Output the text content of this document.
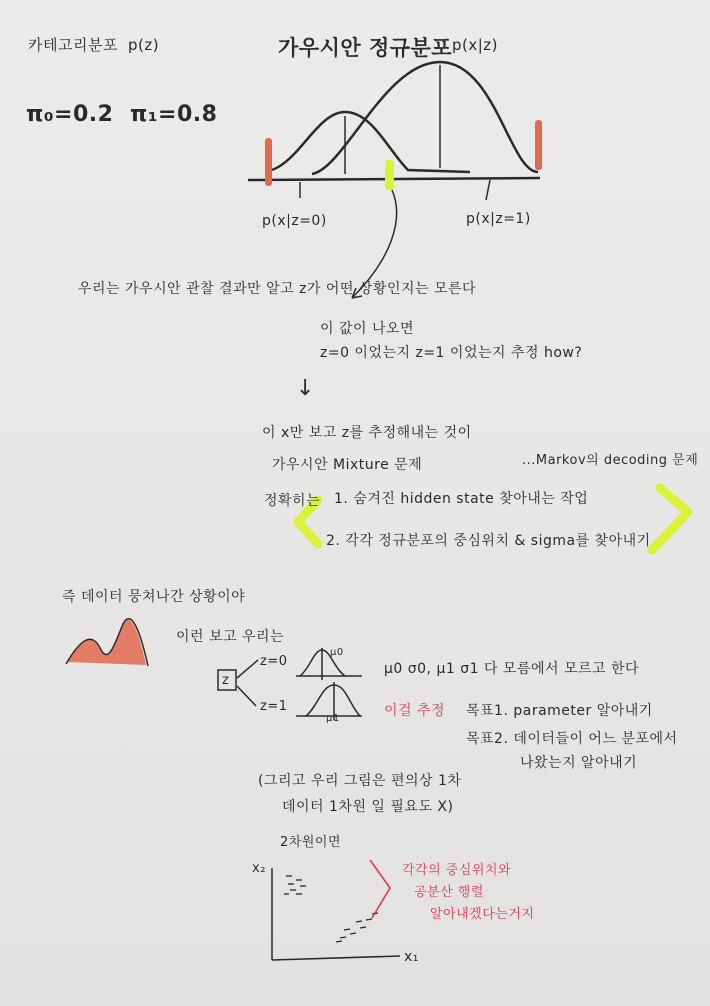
카테고리분포 p(z)
π₀=0.2 π₁=0.8
가우시안 정규분포 p(x|z)
p(x|z=0)	p(x|z=1)
우리는 가우시안 관찰 결과만 알고 z가 어떤 상황인지는 모른다
이 값이 나오면
z=0 이었는지 z=1 이었는지 추정 how?
↓
이 x만 보고 z를 추정해내는 것이
가우시안 Mixture 문제	...Markov의 decoding 문제
정확히는 1. 숨겨진 hidden state 찾아내는 작업
2. 각각 정규분포의 중심위치 & sigma를 찾아내기
즉 데이터 뭉쳐나간 상황이야
이런 보고 우리는
z
z=0
z=1
μ0
μ1
μ0 σ0, μ1 σ1 다 모름에서 모르고 한다
이걸 추정 목표1. parameter 알아내기
목표2. 데이터들이 어느 분포에서
나왔는지 알아내기
(그리고 우리 그림은 편의상 1차
데이터 1차원 일 필요도 X)
2차원이면
x₂
x₁
각각의 중심위치와
공분산 행렬
알아내겠다는거지
